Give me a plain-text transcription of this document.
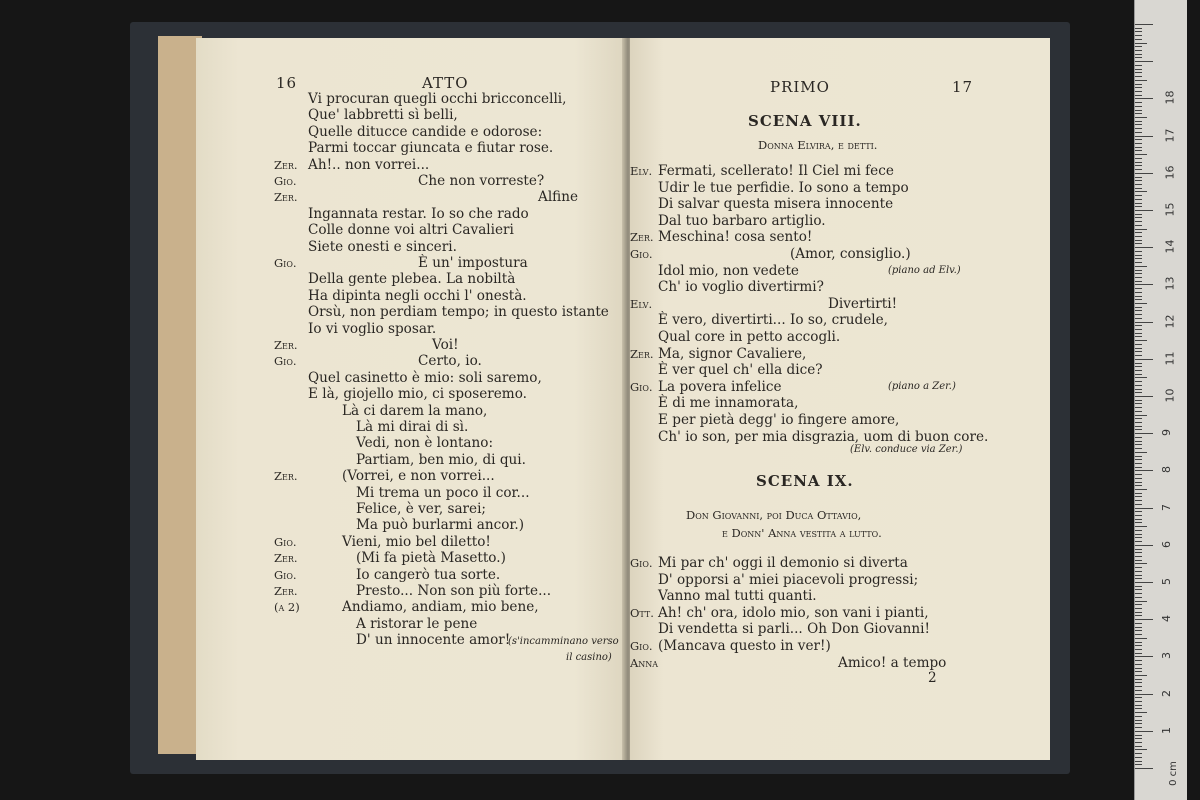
16	ATTO
Vi procuran quegli occhi bricconcelli,
Que' labbretti sì belli,
Quelle ditucce candide e odorose:
Parmi toccar giuncata e fiutar rose.
Zer. Ah!.. non vorrei...
Gio.	Che non vorreste?
Zer.	Alfine
Ingannata restar. Io so che rado
Colle donne voi altri Cavalieri
Siete onesti e sinceri.
Gio.	È un' impostura
Della gente plebea. La nobiltà
Ha dipinta negli occhi l' onestà.
Orsù, non perdiam tempo; in questo istante
Io vi voglio sposar.
Zer.	Voi!
Gio.	Certo, io.
Quel casinetto è mio: soli saremo,
E là, giojello mio, ci sposeremo.
Là ci darem la mano,
Là mi dirai di sì.
Vedi, non è lontano:
Partiam, ben mio, di qui.
Zer.	(Vorrei, e non vorrei...
Mi trema un poco il cor...
Felice, è ver, sarei;
Ma può burlarmi ancor.)
Gio.	Vieni, mio bel diletto!
Zer.	(Mi fa pietà Masetto.)
Gio.	Io cangerò tua sorte.
Zer.	Presto... Non son più forte...
(a 2)	Andiamo, andiam, mio bene,
A ristorar le pene
D' un innocente amor!
(s'incamminano verso
il casino)
PRIMO	17
SCENA VIII.
Donna Elvira, e detti.
Elv. Fermati, scellerato! Il Ciel mi fece
Udir le tue perfidie. Io sono a tempo
Di salvar questa misera innocente
Dal tuo barbaro artiglio.
Zer. Meschina! cosa sento!
Gio.	(Amor, consiglio.)
Idol mio, non vedete	(piano ad Elv.)
Ch' io voglio divertirmi?
Elv.	Divertirti!
È vero, divertirti... Io so, crudele,
Qual core in petto accogli.
Zer. Ma, signor Cavaliere,
È ver quel ch' ella dice?
Gio. La povera infelice	(piano a Zer.)
È di me innamorata,
E per pietà degg' io fingere amore,
Ch' io son, per mia disgrazia, uom di buon core.
(Elv. conduce via Zer.)
SCENA IX.
Don Giovanni, poi Duca Ottavio,
e Donn' Anna vestita a lutto.
Gio. Mi par ch' oggi il demonio si diverta
D' opporsi a' miei piacevoli progressi;
Vanno mal tutti quanti.
Ott. Ah! ch' ora, idolo mio, son vani i pianti,
Di vendetta si parli... Oh Don Giovanni!
Gio. (Mancava questo in ver!)
Anna	Amico! a tempo
2
0 cm
1
2
3
4
5
6
7
8
9
10
11
12
13
14
15
16
17
18
